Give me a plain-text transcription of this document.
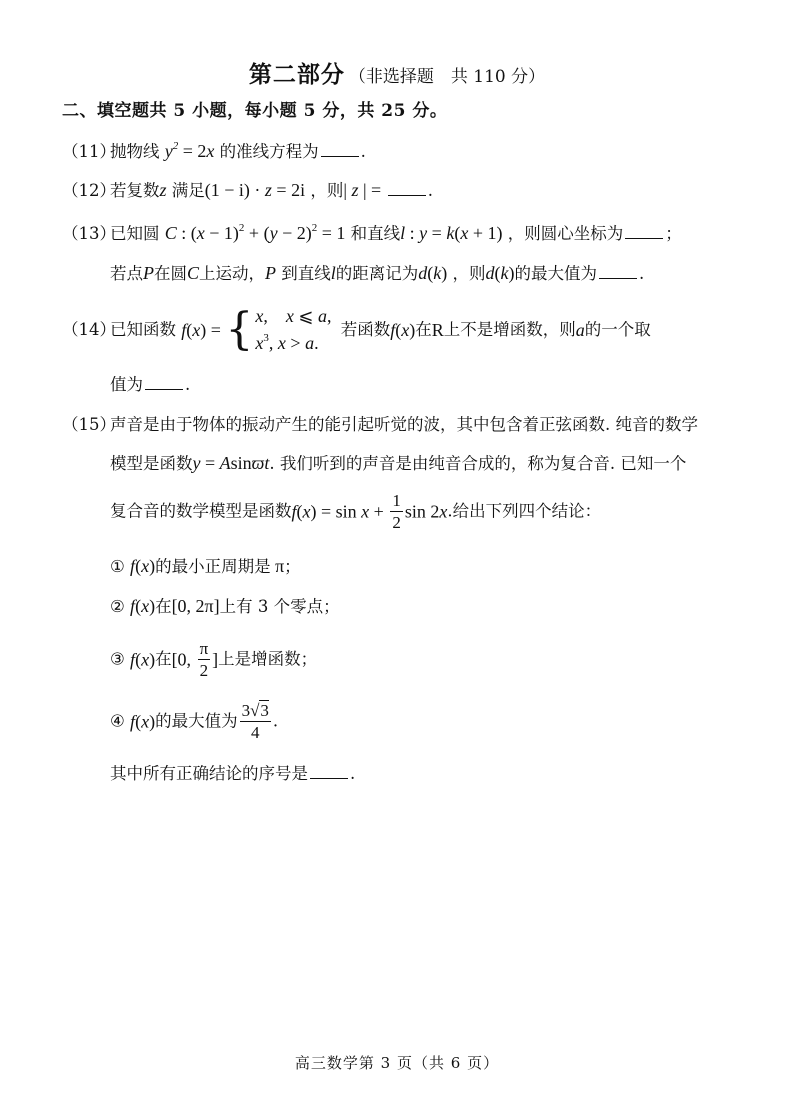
第二部分 （非选择题　共 110 分）
二、填空题共 5 小题，每小题 5 分，共 25 分。
（11）抛物线 $y^2 = 2x$ 的准线方程为	.
（12）若复数z 满足(1 − i) · z = 2i ，则| z | =	.
（13）已知圆 C : $(x - 1)^2 + (y - 2)^2 = 1$ 和直线l : y = k(x + 1) ，则圆心坐标为	；
若点P在圆C上运动，P 到直线l的距离记为d(k) ，则d(k)的最大值为	.
（14）已知函数 f(x) = { x,　x ⩽ a,
$x^3$, x > a. 若函数f(x)在R上不是增函数，则a的一个取
值为	.
（15）声音是由于物体的振动产生的能引起听觉的波，其中包含着正弦函数. 纯音的数学
模型是函数y = Asinϖt. 我们听到的声音是由纯音合成的，称为复合音. 已知一个
复合音的数学模型是函数$f(x) = \sin x + \frac{1}{2}$ sin 2x.给出下列四个结论：
① f(x)的最小正周期是 π；
② f(x)在[0, 2π]上有 3 个零点；
③ f(x)在[0, $\frac{\pi}{2}$ ]上是增函数；
④ f(x)的最大值为 $\frac{3√3}{4}$ .
其中所有正确结论的序号是	.
高三数学第 3 页（共 6 页）
